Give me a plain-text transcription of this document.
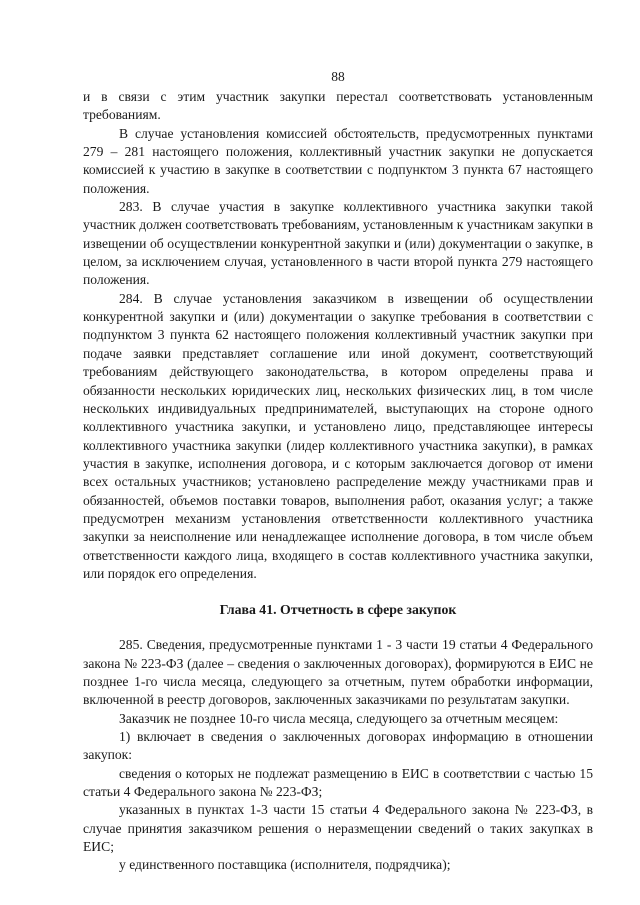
88

и в связи с этим участник закупки перестал соответствовать установленным требованиям.

В случае установления комиссией обстоятельств, предусмотренных пунктами 279 – 281 настоящего положения, коллективный участник закупки не допускается комиссией к участию в закупке в соответствии с подпунктом 3 пункта 67 настоящего положения.

283. В случае участия в закупке коллективного участника закупки такой участник должен соответствовать требованиям, установленным к участникам закупки в извещении об осуществлении конкурентной закупки и (или) документации о закупке, в целом, за исключением случая, установленного в части второй пункта 279 настоящего положения.

284. В случае установления заказчиком в извещении об осуществлении конкурентной закупки и (или) документации о закупке требования в соответствии с подпунктом 3 пункта 62 настоящего положения коллективный участник закупки при подаче заявки представляет соглашение или иной документ, соответствующий требованиям действующего законодательства, в котором определены права и обязанности нескольких юридических лиц, нескольких физических лиц, в том числе нескольких индивидуальных предпринимателей, выступающих на стороне одного коллективного участника закупки, и установлено лицо, представляющее интересы коллективного участника закупки (лидер коллективного участника закупки), в рамках участия в закупке, исполнения договора, и с которым заключается договор от имени всех остальных участников; установлено распределение между участниками прав и обязанностей, объемов поставки товаров, выполнения работ, оказания услуг; а также предусмотрен механизм установления ответственности коллективного участника закупки за неисполнение или ненадлежащее исполнение договора, в том числе объем ответственности каждого лица, входящего в состав коллективного участника закупки, или порядок его определения.

Глава 41. Отчетность в сфере закупок

285. Сведения, предусмотренные пунктами 1 - 3 части 19 статьи 4 Федерального закона № 223-ФЗ (далее – сведения о заключенных договорах), формируются в ЕИС не позднее 1-го числа месяца, следующего за отчетным, путем обработки информации, включенной в реестр договоров, заключенных заказчиками по результатам закупки.

Заказчик не позднее 10-го числа месяца, следующего за отчетным месяцем:

1) включает в сведения о заключенных договорах информацию в отношении закупок:

сведения о которых не подлежат размещению в ЕИС в соответствии с частью 15 статьи 4 Федерального закона № 223-ФЗ;

указанных в пунктах 1-3 части 15 статьи 4 Федерального закона № 223-ФЗ, в случае принятия заказчиком решения о неразмещении сведений о таких закупках в ЕИС;

у единственного поставщика (исполнителя, подрядчика);
